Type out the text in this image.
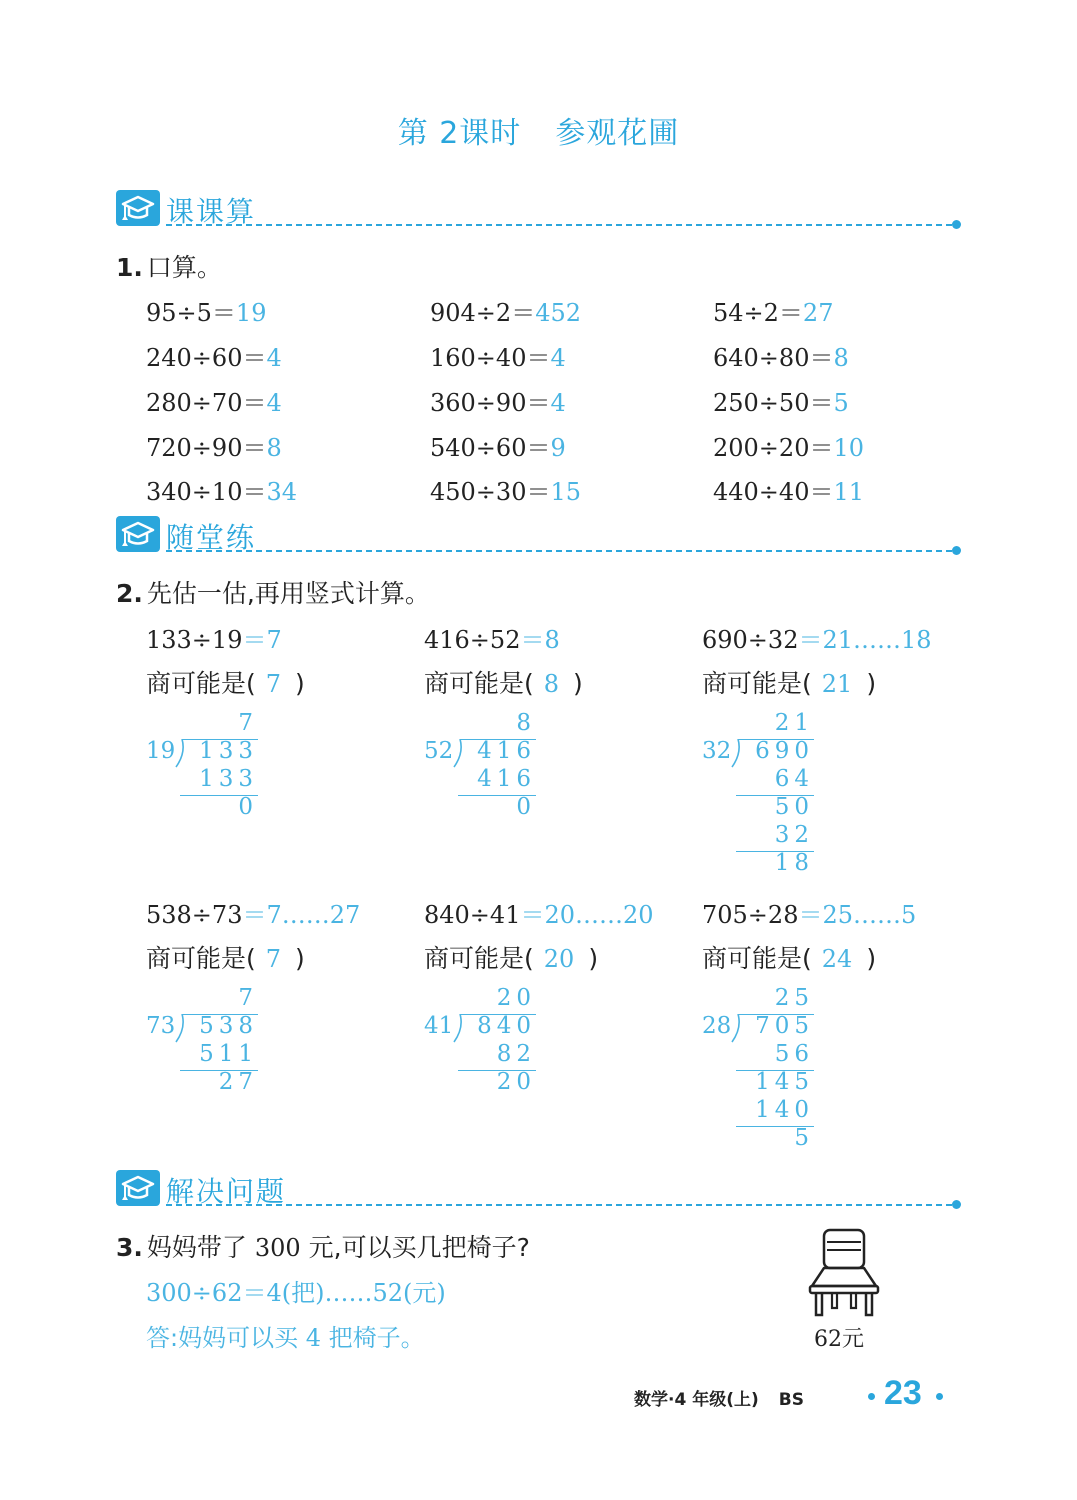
第 2课时 参观花圃
课课算
1. 口算。
95÷5＝19	904÷2＝452	54÷2＝27
240÷60＝4	160÷40＝4	640÷80＝8
280÷70＝4	360÷90＝4	250÷50＝5
720÷90＝8	540÷60＝9	200÷20＝10
340÷10＝34	450÷30＝15	440÷40＝11
随堂练
2. 先估一估,再用竖式计算。
133÷19＝7
商可能是( 7 )
7
19 133
133
0
416÷52＝8
商可能是( 8 )
8
52 416
416
0
690÷32＝21……18
商可能是( 21 )
21
32 690
64
50
32
18
538÷73＝7……27
商可能是( 7 )
7
73 538
511
27
840÷41＝20……20
商可能是( 20 )
20
41 840
82
20
705÷28＝25……5
商可能是( 24 )
25
28 705
56
145
140
5
解决问题
3. 妈妈带了 300 元,可以买几把椅子?
300÷62＝4(把)……52(元)
答:妈妈可以买 4 把椅子。	62元
数学·4 年级(上) BS 23
